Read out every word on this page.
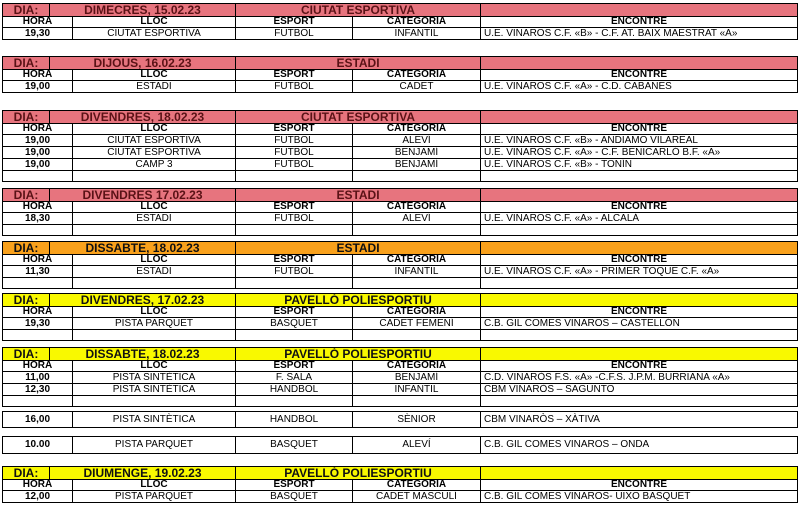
DIA:	DIMECRES, 15.02.23	CIUTAT ESPORTIVA
HORA	LLOC	ESPORT	CATEGORIA	ENCONTRE
19,30	CIUTAT ESPORTIVA	FUTBOL	INFANTIL	U.E. VINAROS C.F. «B» - C.F. AT. BAIX MAESTRAT «A»
DIA:	DIJOUS, 16.02.23	ESTADI
HORA	LLOC	ESPORT	CATEGORIA	ENCONTRE
19,00	ESTADI	FUTBOL	CADET	U.E. VINAROS C.F. «A» - C.D. CABANES
DIA:	DIVENDRES, 18.02.23	CIUTAT ESPORTIVA
HORA	LLOC	ESPORT	CATEGORIA	ENCONTRE
19,00	CIUTAT ESPORTIVA	FUTBOL	ALEVÍ	U.E. VINAROS C.F. «B» - ANDIAMO VILAREAL
19,00	CIUTAT ESPORTIVA	FUTBOL	BENJAMÍ	U.E. VINAROS C.F. «A» - C.F. BENICARLÓ B.F. «A»
19,00	CAMP 3	FUTBOL	BENJAMÍ	U.E. VINAROS C.F. «B» - TONÍN
DIA:	DIVENDRES 17.02.23	ESTADI
HORA	LLOC	ESPORT	CATEGORIA	ENCONTRE
18,30	ESTADI	FUTBOL	ALEVÍ	U.E. VINAROS C.F. «A» - ALCALÁ
DIA:	DISSABTE, 18.02.23	ESTADI
HORA	LLOC	ESPORT	CATEGORIA	ENCONTRE
11,30	ESTADI	FUTBOL	INFANTIL	U.E. VINAROS C.F. «A» - PRIMER TOQUE C.F. «A»
DIA:	DIVENDRES, 17.02.23	PAVELLÓ POLIESPORTIU
HORA	LLOC	ESPORT	CATEGORIA	ENCONTRE
19,30	PISTA PARQUET	BASQUET	CADET FEMENÍ	C.B. GIL COMES VINAROS – CASTELLÓN
DIA:	DISSABTE, 18.02.23	PAVELLÓ POLIESPORTIU
HORA	LLOC	ESPORT	CATEGORIA	ENCONTRE
11,00	PISTA SINTÈTICA	F. SALA	BENJAMÍ	C.D. VINARÒS F.S. «A» -C.F.S. J.P.M. BURRIANA «A»
12,30	PISTA SINTÈTICA	HANDBOL	INFANTIL	CBM VINARÒS – SAGUNTO
16,00	PISTA SINTÈTICA	HANDBOL	SÈNIOR	CBM VINARÒS – XÀTIVA
10.00	PISTA PARQUET	BASQUET	ALEVÍ	C.B. GIL COMES VINAROS – ONDA
DIA:	DIUMENGE, 19.02.23	PAVELLÓ POLIESPORTIU
HORA	LLOC	ESPORT	CATEGORIA	ENCONTRE
12,00	PISTA PARQUET	BASQUET	CADET MASCULÍ	C.B. GIL COMES VINAROS- UIXO BASQUET
